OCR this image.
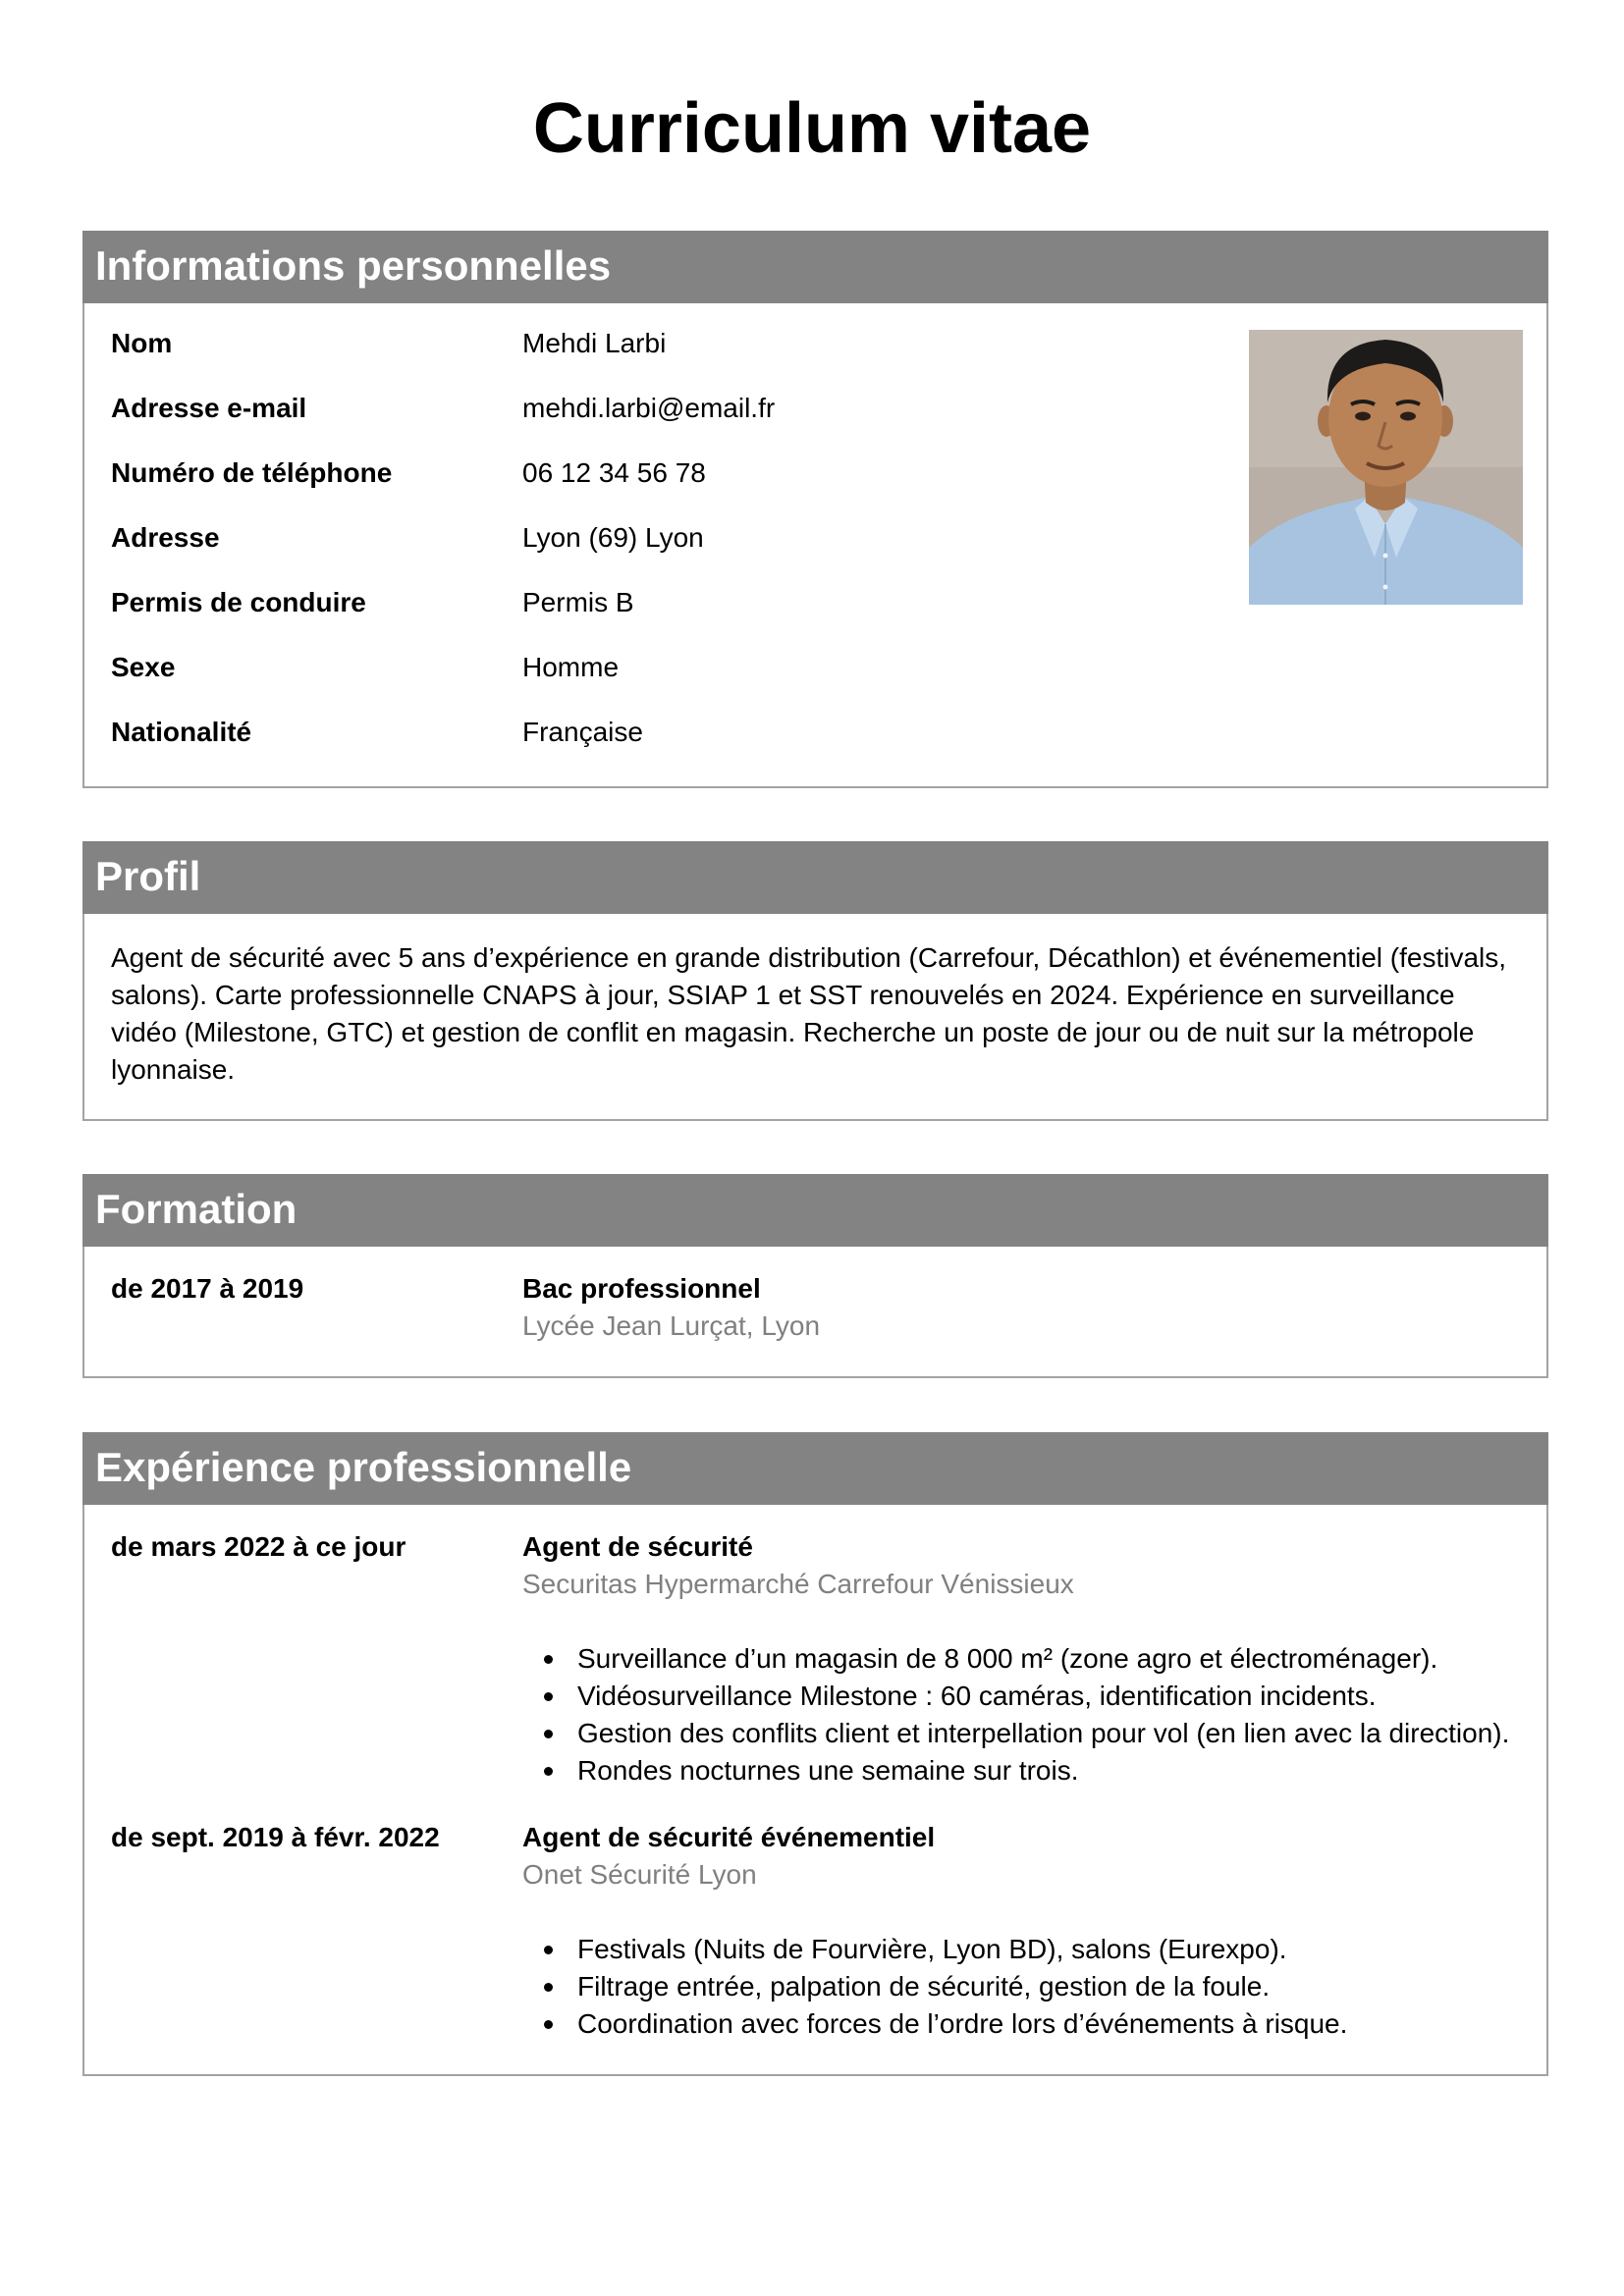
Curriculum vitae
Informations personnelles
Nom	Mehdi Larbi
Adresse e-mail	mehdi.larbi@email.fr
Numéro de téléphone	06 12 34 56 78
Adresse	Lyon (69) Lyon
Permis de conduire	Permis B
Sexe	Homme
Nationalité	Française
Profil

Agent de sécurité avec 5 ans d’expérience en grande distribution (Carrefour, Décathlon) et événementiel (festivals, salons). Carte professionnelle CNAPS à jour, SSIAP 1 et SST renouvelés en 2024. Expérience en surveillance vidéo (Milestone, GTC) et gestion de conflit en magasin. Recherche un poste de jour ou de nuit sur la métropole lyonnaise.

Formation
de 2017 à 2019	Bac professionnel
Lycée Jean Lurçat, Lyon
Expérience professionnelle
de mars 2022 à ce jour	Agent de sécurité
Securitas Hypermarché Carrefour Vénissieux
Surveillance d’un magasin de 8 000 m² (zone agro et électroménager).
Vidéosurveillance Milestone : 60 caméras, identification incidents.
Gestion des conflits client et interpellation pour vol (en lien avec la direction).
Rondes nocturnes une semaine sur trois.
de sept. 2019 à févr. 2022	Agent de sécurité événementiel
Onet Sécurité Lyon
Festivals (Nuits de Fourvière, Lyon BD), salons (Eurexpo).
Filtrage entrée, palpation de sécurité, gestion de la foule.
Coordination avec forces de l’ordre lors d’événements à risque.
